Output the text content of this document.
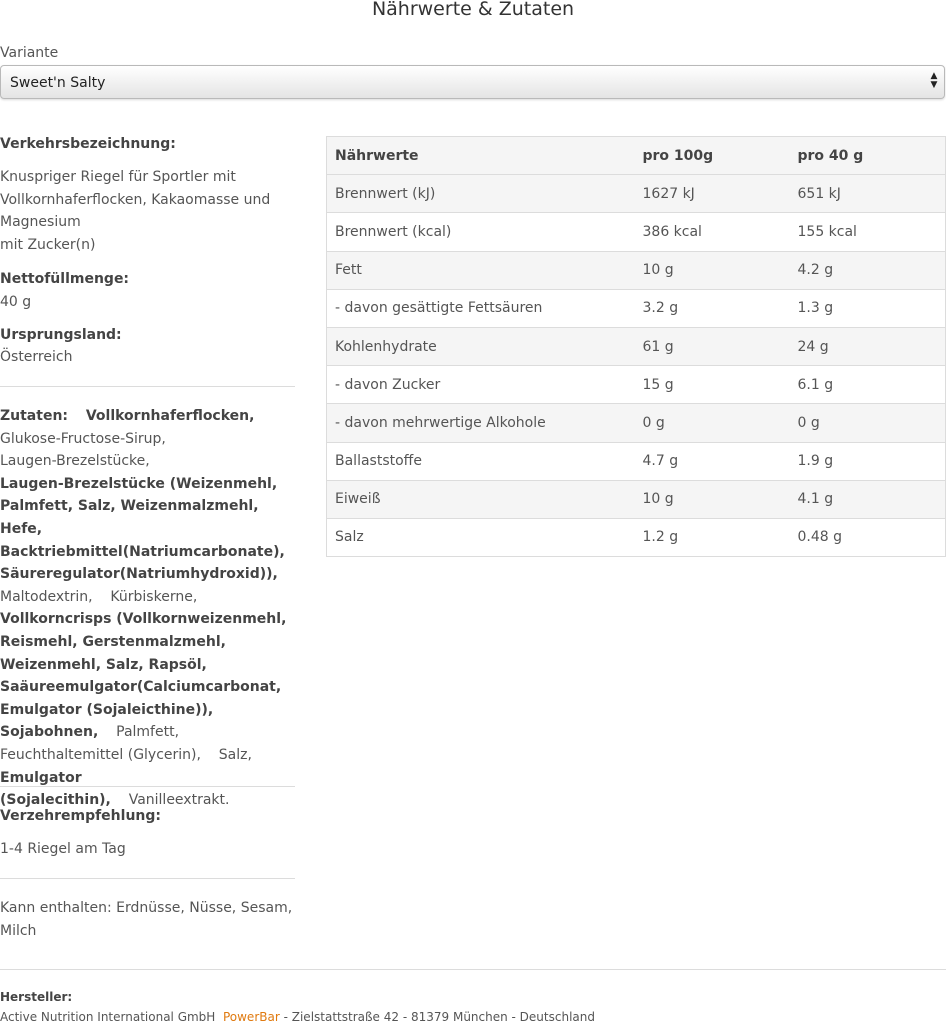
Nährwerte & Zutaten
Variante
Sweet'n Salty	▲
▼
Verkehrsbezeichnung:
Knuspriger Riegel für Sportler mit
Vollkornhaferflocken, Kakaomasse und
Magnesium
mit Zucker(n)
Nettofüllmenge:
40 g
Ursprungsland:
Österreich
Zutaten: Vollkornhaferflocken,
Glukose-Fructose-Sirup,
Laugen-Brezelstücke,
Laugen-Brezelstücke (Weizenmehl,
Palmfett, Salz, Weizenmalzmehl, Hefe,
Backtriebmittel(Natriumcarbonate),
Säureregulator(Natriumhydroxid)),
Maltodextrin, Kürbiskerne,
Vollkorncrisps (Vollkornweizenmehl,
Reismehl, Gerstenmalzmehl,
Weizenmehl, Salz, Rapsöl,
Saäureemulgator(Calciumcarbonat,
Emulgator (Sojaleicthine)),
Sojabohnen, Palmfett,
Feuchthaltemittel (Glycerin), Salz,
Emulgator (Sojalecithin), Vanilleextrakt.
Verzehrempfehlung:
1-4 Riegel am Tag
Kann enthalten: Erdnüsse, Nüsse, Sesam,
Milch
Nährwerte	pro 100g	pro 40 g
Brennwert (kJ)	1627 kJ	651 kJ
Brennwert (kcal)	386 kcal	155 kcal
Fett	10 g	4.2 g
- davon gesättigte Fettsäuren	3.2 g	1.3 g
Kohlenhydrate	61 g	24 g
- davon Zucker	15 g	6.1 g
- davon mehrwertige Alkohole	0 g	0 g
Ballaststoffe	4.7 g	1.9 g
Eiweiß	10 g	4.1 g
Salz	1.2 g	0.48 g
Hersteller:
Active Nutrition International GmbH PowerBar - Zielstattstraße 42 - 81379 München - Deutschland
